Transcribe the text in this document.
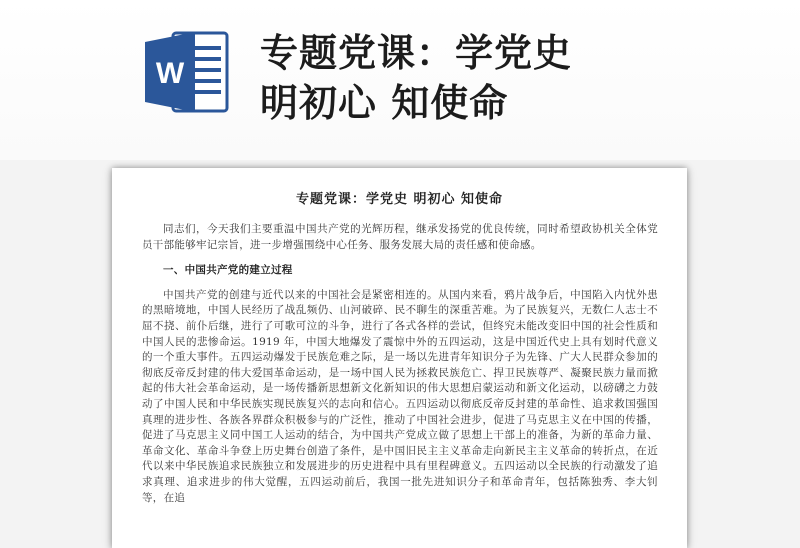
W 专题党课：学党史
明初心 知使命
专题党课：学党史 明初心 知使命

同志们，今天我们主要重温中国共产党的光辉历程，继承发扬党的优良传统，同时希望政协机关全体党员干部能够牢记宗旨，进一步增强围绕中心任务、服务发展大局的责任感和使命感。

一、中国共产党的建立过程

中国共产党的创建与近代以来的中国社会是紧密相连的。从国内来看，鸦片战争后，中国陷入内忧外患的黑暗境地，中国人民经历了战乱频仍、山河破碎、民不聊生的深重苦难。为了民族复兴，无数仁人志士不屈不挠、前仆后继，进行了可歌可泣的斗争，进行了各式各样的尝试，但终究未能改变旧中国的社会性质和中国人民的悲惨命运。1919 年，中国大地爆发了震惊中外的五四运动，这是中国近代史上具有划时代意义的一个重大事件。五四运动爆发于民族危难之际，是一场以先进青年知识分子为先锋、广大人民群众参加的彻底反帝反封建的伟大爱国革命运动，是一场中国人民为拯救民族危亡、捍卫民族尊严、凝聚民族力量而掀起的伟大社会革命运动，是一场传播新思想新文化新知识的伟大思想启蒙运动和新文化运动，以磅礴之力鼓动了中国人民和中华民族实现民族复兴的志向和信心。五四运动以彻底反帝反封建的革命性、追求救国强国真理的进步性、各族各界群众积极参与的广泛性，推动了中国社会进步，促进了马克思主义在中国的传播，促进了马克思主义同中国工人运动的结合，为中国共产党成立做了思想上干部上的准备，为新的革命力量、革命文化、革命斗争登上历史舞台创造了条件，是中国旧民主主义革命走向新民主主义革命的转折点，在近代以来中华民族追求民族独立和发展进步的历史进程中具有里程碑意义。五四运动以全民族的行动激发了追求真理、追求进步的伟大觉醒，五四运动前后，我国一批先进知识分子和革命青年，包括陈独秀、李大钊等，在追
